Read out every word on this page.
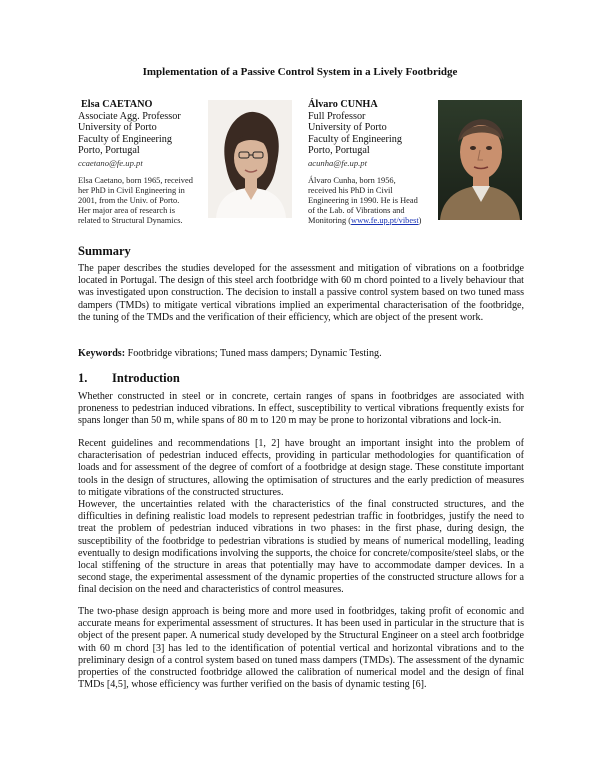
Implementation of a Passive Control System in a Lively Footbridge
Elsa CAETANO
Associate Agg. Professor
University of Porto
Faculty of Engineering
Porto, Portugal
ccaetano@fe.up.pt
Elsa Caetano, born 1965, received
her PhD in Civil Engineering in
2001, from the Univ. of Porto.
Her major area of research is
related to Structural Dynamics.
Álvaro CUNHA
Full Professor
University of Porto
Faculty of Engineering
Porto, Portugal
acunha@fe.up.pt
Álvaro Cunha, born 1956,
received his PhD in Civil
Engineering in 1990. He is Head
of the Lab. of Vibrations and
Monitoring (www.fe.up.pt/vibest)
Summary
The paper describes the studies developed for the assessment and mitigation of vibrations on a footbridge located in Portugal. The design of this steel arch footbridge with 60 m chord pointed to a lively behaviour that was investigated upon construction. The decision to install a passive control system based on two tuned mass dampers (TMDs) to mitigate vertical vibrations implied an experimental characterisation of the footbridge, the tuning of the TMDs and the verification of their efficiency, which are object of the present work.
Keywords: Footbridge vibrations; Tuned mass dampers; Dynamic Testing.
1. Introduction
Whether constructed in steel or in concrete, certain ranges of spans in footbridges are associated with proneness to pedestrian induced vibrations. In effect, susceptibility to vertical vibrations frequently exists for spans longer than 50 m, while spans of 80 m to 120 m may be prone to horizontal vibrations and lock-in.
Recent guidelines and recommendations [1, 2] have brought an important insight into the problem of characterisation of pedestrian induced effects, providing in particular methodologies for quantification of loads and for assessment of the degree of comfort of a footbridge at design stage. These constitute important tools in the design of structures, allowing the optimisation of structures and the early prediction of measures to mitigate vibrations of the constructed structures.
However, the uncertainties related with the characteristics of the final constructed structures, and the difficulties in defining realistic load models to represent pedestrian traffic in footbridges, justify the need to treat the problem of pedestrian induced vibrations in two phases: in the first phase, during design, the susceptibility of the footbridge to pedestrian vibrations is studied by means of numerical modelling, leading eventually to design modifications involving the supports, the choice for concrete/composite/steel slabs, or the local stiffening of the structure in areas that potentially may have to accommodate damper devices. In a second stage, the experimental assessment of the dynamic properties of the constructed structure allows for a final decision on the need and characteristics of control measures.
The two-phase design approach is being more and more used in footbridges, taking profit of economic and accurate means for experimental assessment of structures. It has been used in particular in the structure that is object of the present paper. A numerical study developed by the Structural Engineer on a steel arch footbridge with 60 m chord [3] has led to the identification of potential vertical and horizontal vibrations and to the preliminary design of a control system based on tuned mass dampers (TMDs). The assessment of the dynamic properties of the constructed footbridge allowed the calibration of numerical model and the design of final TMDs [4,5], whose efficiency was further verified on the basis of dynamic testing [6].
